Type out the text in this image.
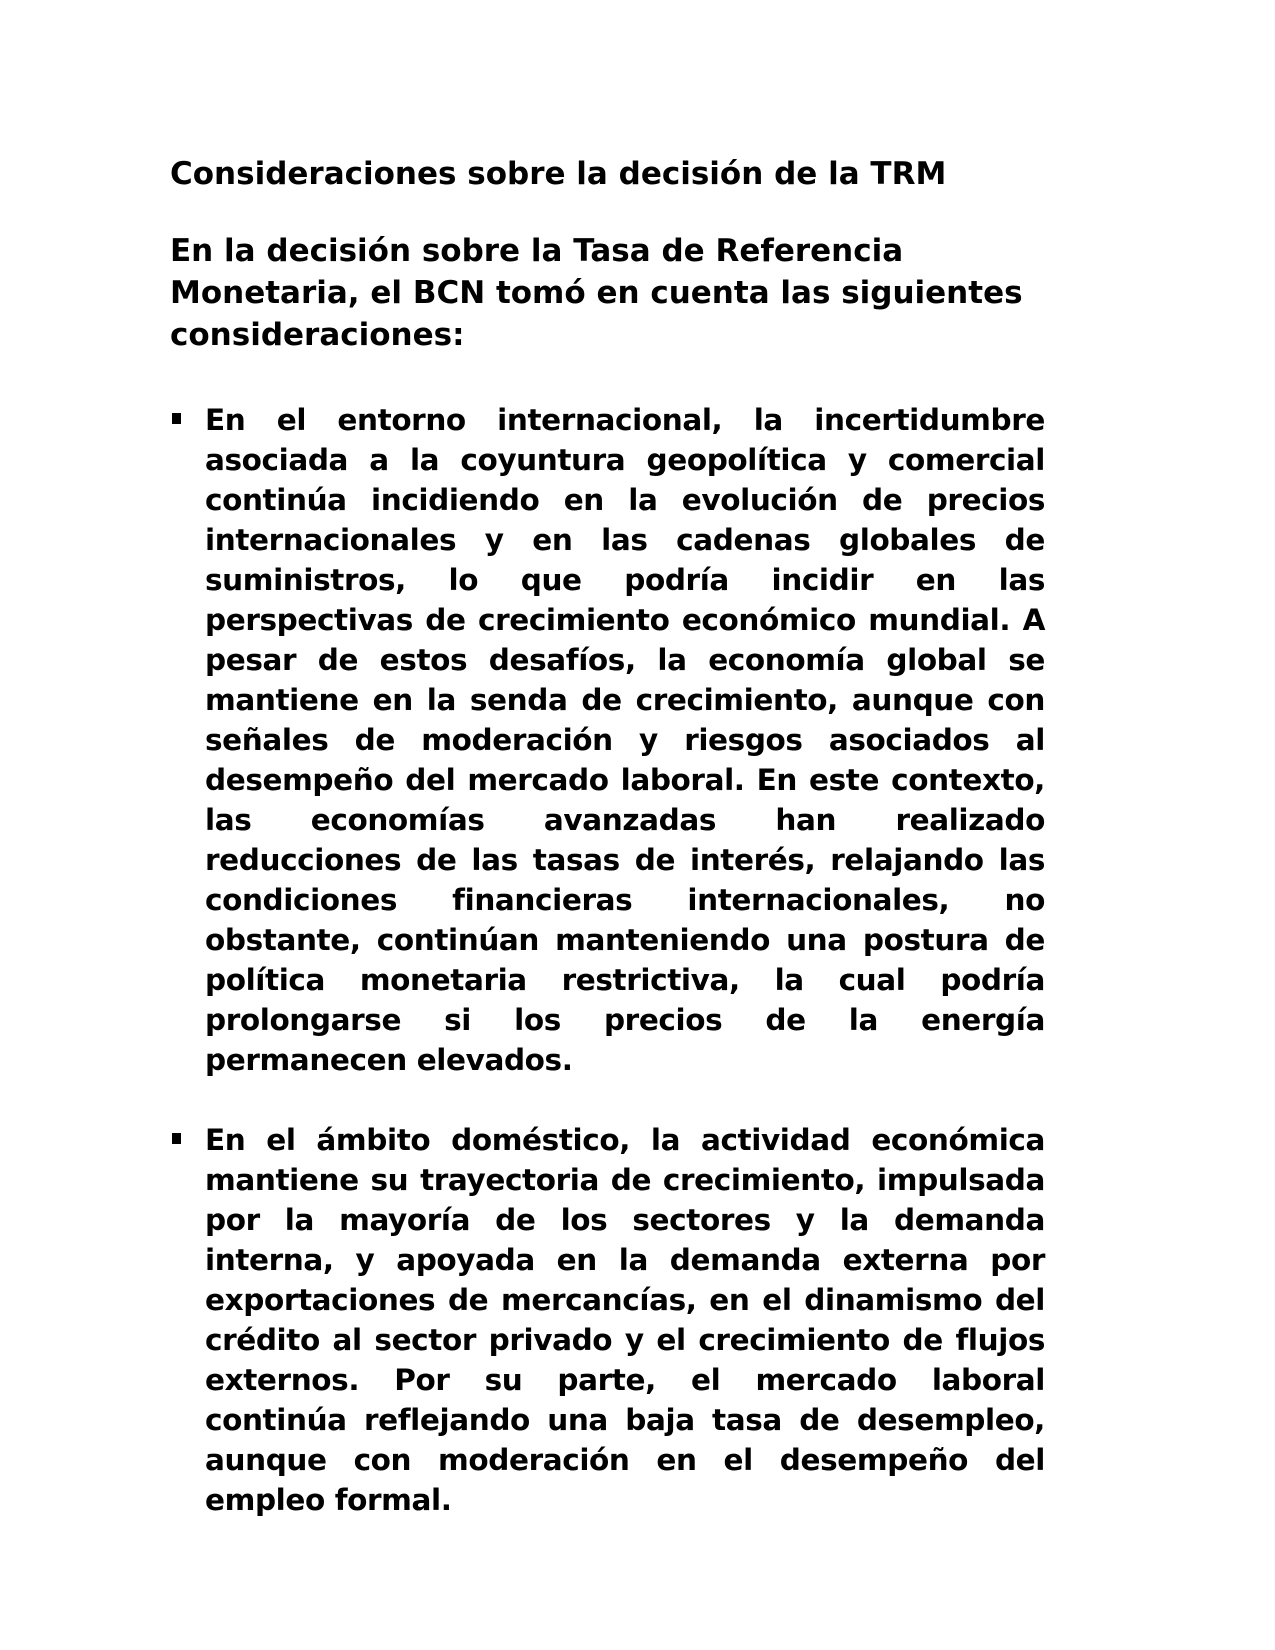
Consideraciones sobre la decisión de la TRM

En la decisión sobre la Tasa de Referencia Monetaria, el BCN tomó en cuenta las siguientes consideraciones:

En el entorno internacional, la incertidumbre asociada a la coyuntura geopolítica y comercial continúa incidiendo en la evolución de precios internacionales y en las cadenas globales de suministros, lo que podría incidir en las perspectivas de crecimiento económico mundial. A pesar de estos desafíos, la economía global se mantiene en la senda de crecimiento, aunque con señales de moderación y riesgos asociados al desempeño del mercado laboral. En este contexto, las economías avanzadas han realizado reducciones de las tasas de interés, relajando las condiciones financieras internacionales, no obstante, continúan manteniendo una postura de política monetaria restrictiva, la cual podría prolongarse si los precios de la energía permanecen elevados.
En el ámbito doméstico, la actividad económica mantiene su trayectoria de crecimiento, impulsada por la mayoría de los sectores y la demanda interna, y apoyada en la demanda externa por exportaciones de mercancías, en el dinamismo del crédito al sector privado y el crecimiento de flujos externos. Por su parte, el mercado laboral continúa reflejando una baja tasa de desempleo, aunque con moderación en el desempeño del empleo formal.
